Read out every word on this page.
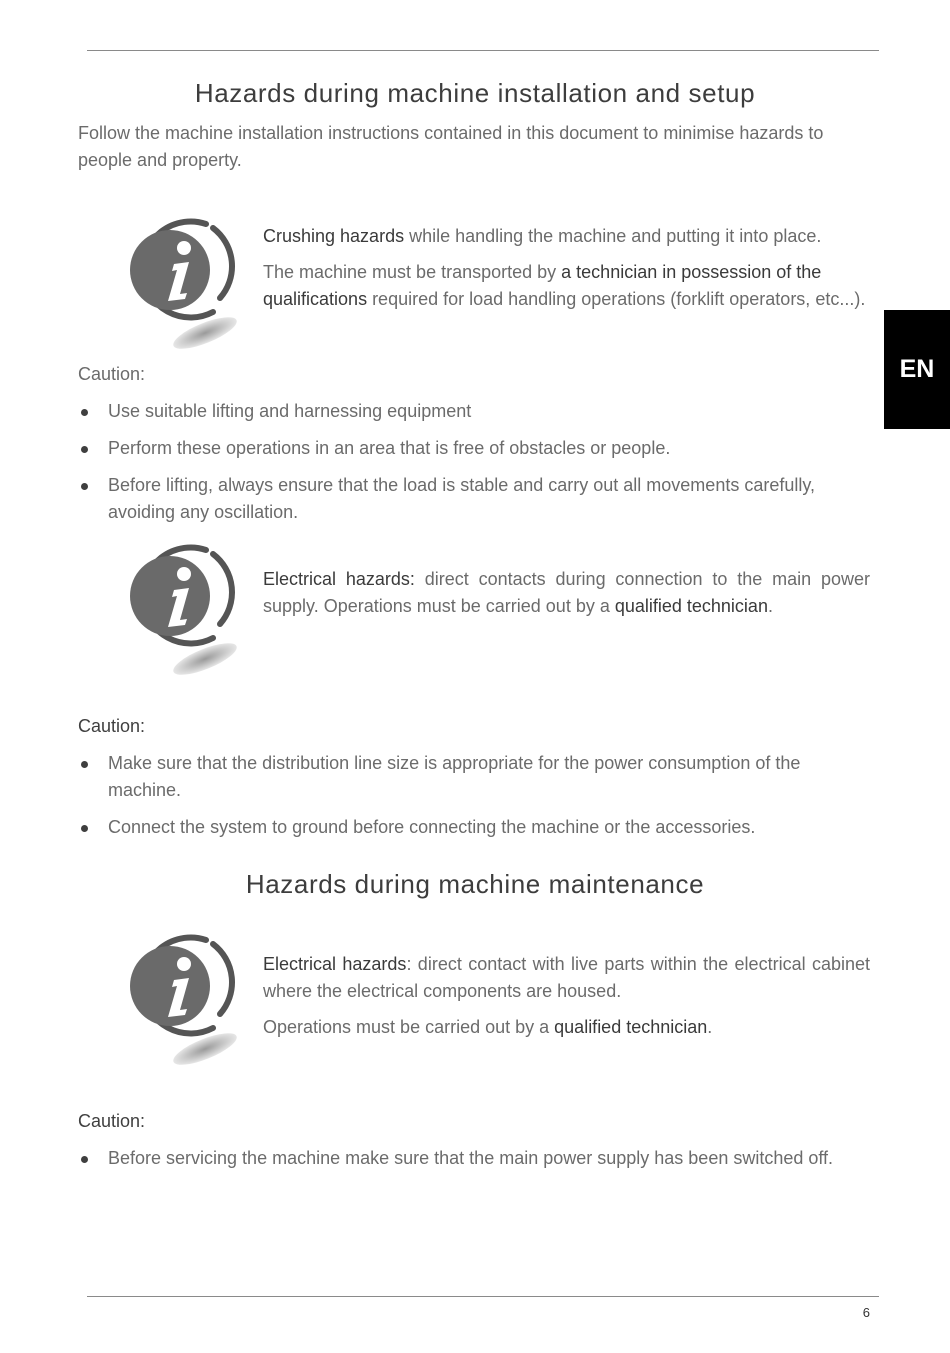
EN
Hazards during machine installation and setup

Follow the machine installation instructions contained in this document to minimise hazards to people and property.

Crushing hazards while handling the machine and putting it into place.

The machine must be transported by a technician in possession of the qualifications required for load handling operations (forklift operators, etc...).

Caution:

Use suitable lifting and harnessing equipment
Perform these operations in an area that is free of obstacles or people.
Before lifting, always ensure that the load is stable and carry out all movements carefully, avoiding any oscillation.

Electrical hazards: direct contacts during connection to the main power supply. Operations must be carried out by a qualified technician.

Caution:

Make sure that the distribution line size is appropriate for the power consumption of the machine.
Connect the system to ground before connecting the machine or the accessories.
Hazards during machine maintenance

Electrical hazards: direct contact with live parts within the electrical cabinet where the electrical components are housed.

Operations must be carried out by a qualified technician.

Caution:

Before servicing the machine make sure that the main power supply has been switched off.
6
